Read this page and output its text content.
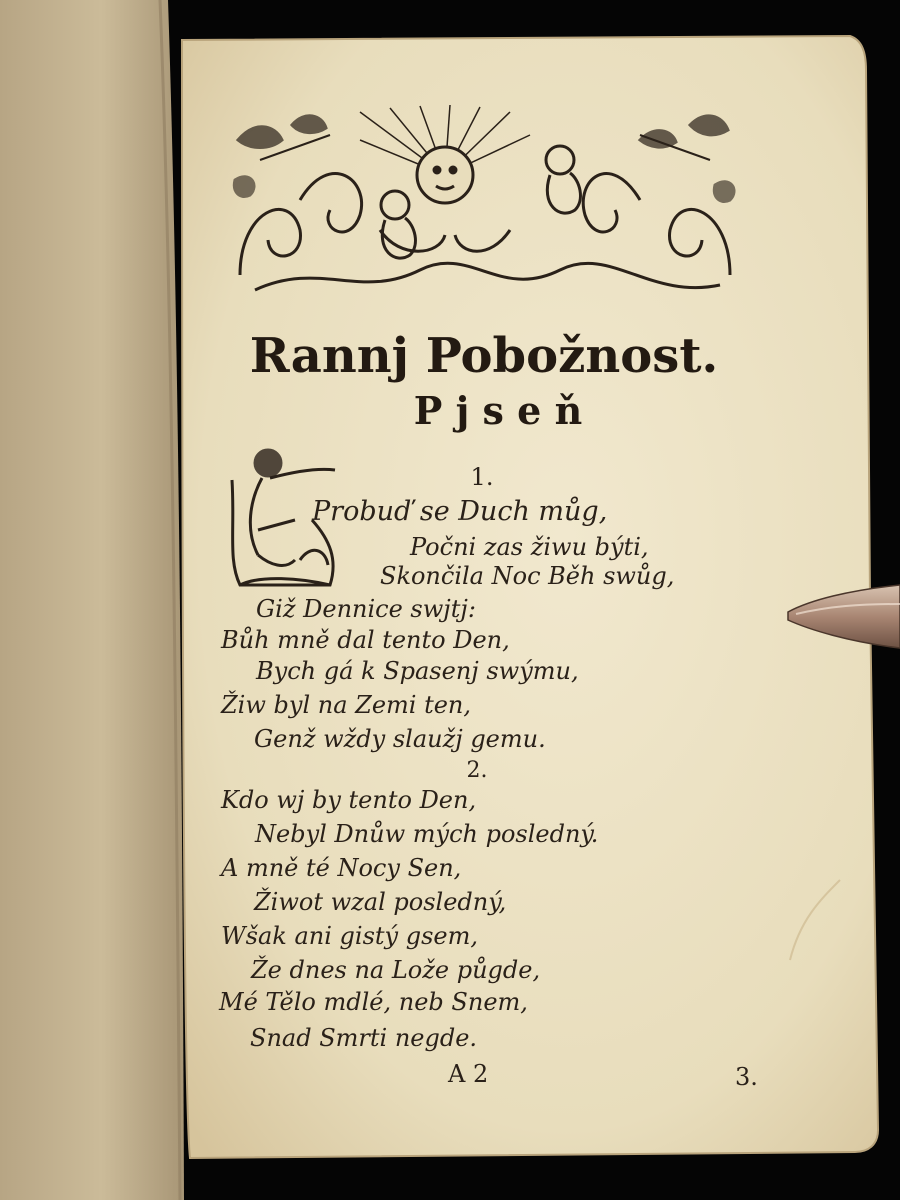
Rannj Pobožnost.
P j s e ň
1.
Probuď se Duch můg,
Počni zas žiwu býti,
Skončila Noc Běh swůg,
Giž Dennice swjtj:
Bůh mně dal tento Den,
Bych gá k Spasenj swýmu,
Žiw byl na Zemi ten,
Genž wždy slaužj gemu.
2.
Kdo wj by tento Den,
Nebyl Dnůw mých posledný.
A mně té Nocy Sen,
Žiwot wzal posledný,
Wšak ani gistý gsem,
Že dnes na Lože půgde,
Mé Tělo mdlé, neb Snem,
Snad Smrti negde.
A 2	3.
